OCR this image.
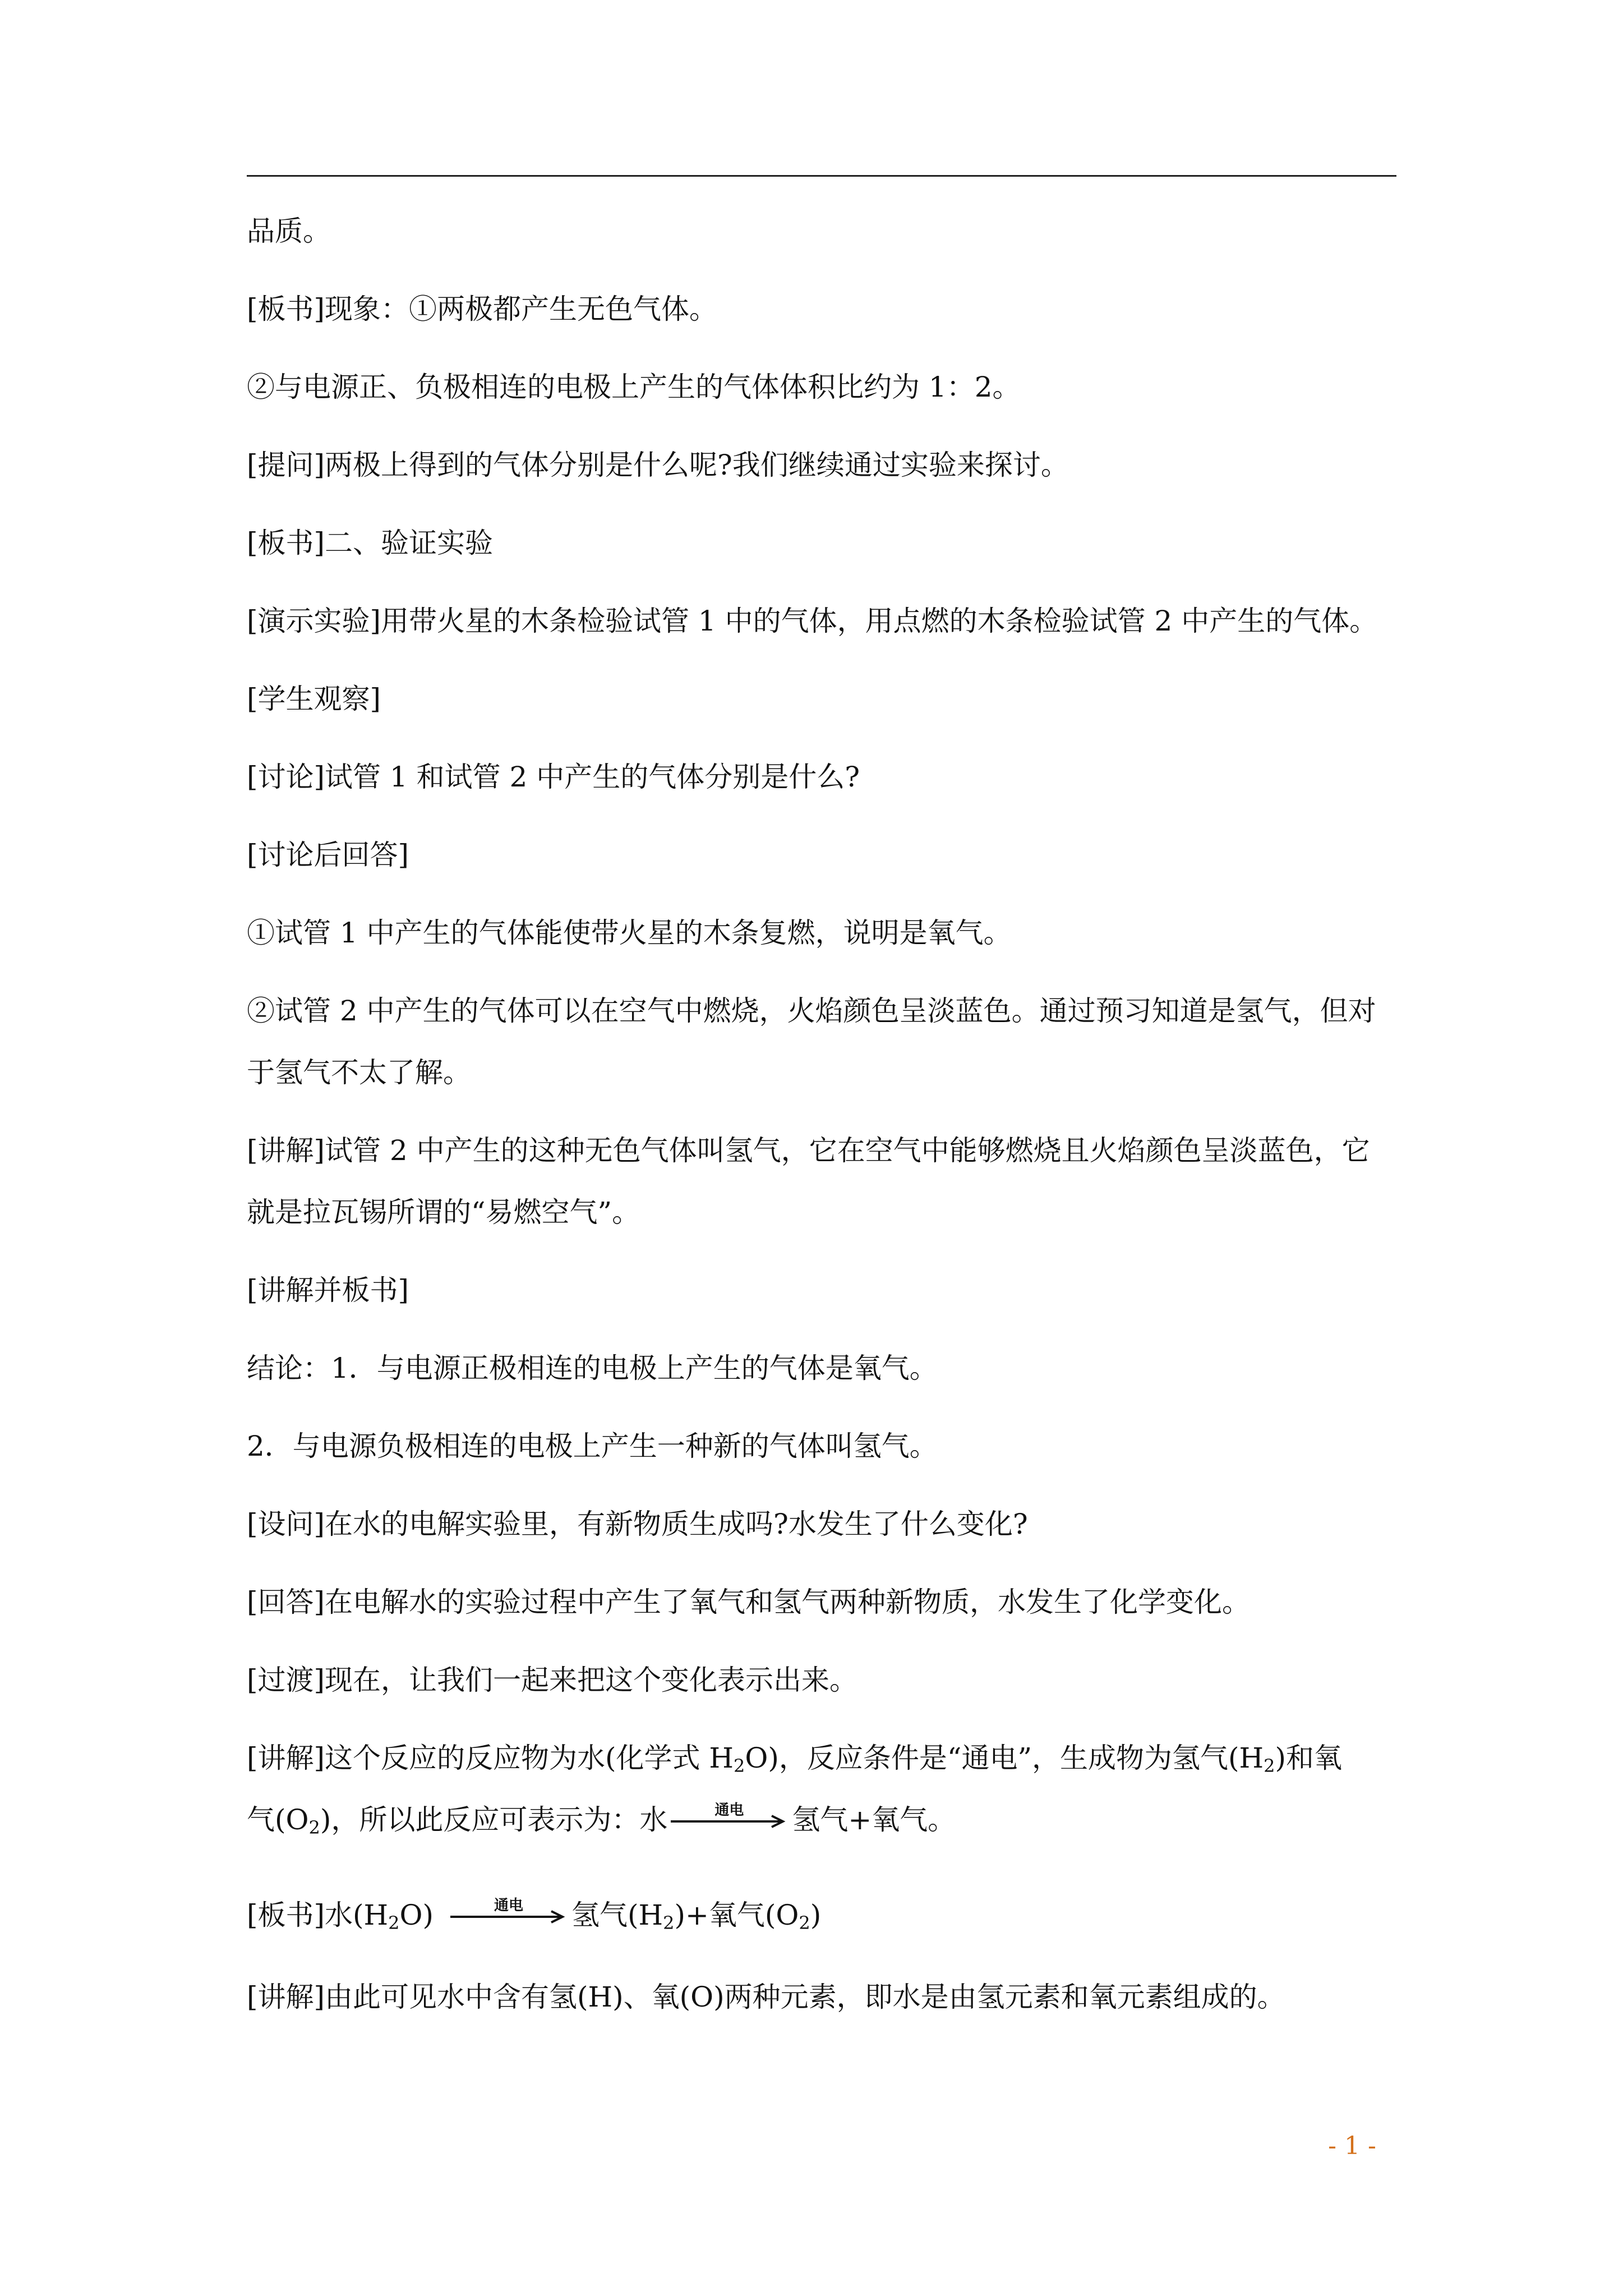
品质。

[板书]现象：①两极都产生无色气体。

②与电源正、负极相连的电极上产生的气体体积比约为 1：2。

[提问]两极上得到的气体分别是什么呢?我们继续通过实验来探讨。

[板书]二、验证实验

[演示实验]用带火星的木条检验试管 1 中的气体，用点燃的木条检验试管 2 中产生的气体。

[学生观察]

[讨论]试管 1 和试管 2 中产生的气体分别是什么?

[讨论后回答]

①试管 1 中产生的气体能使带火星的木条复燃，说明是氧气。

②试管 2 中产生的气体可以在空气中燃烧，火焰颜色呈淡蓝色。通过预习知道是氢气，但对

于氢气不太了解。

[讲解]试管 2 中产生的这种无色气体叫氢气，它在空气中能够燃烧且火焰颜色呈淡蓝色，它

就是拉瓦锡所谓的“易燃空气”。

[讲解并板书]

结论：1．与电源正极相连的电极上产生的气体是氧气。

2．与电源负极相连的电极上产生一种新的气体叫氢气。

[设问]在水的电解实验里，有新物质生成吗?水发生了什么变化?

[回答]在电解水的实验过程中产生了氧气和氢气两种新物质，水发生了化学变化。

[过渡]现在，让我们一起来把这个变化表示出来。

[讲解]这个反应的反应物为水(化学式 $H_2O$)，反应条件是“通电”，生成物为氢气$(H_2)$和氧

气$(O_2)$，所以此反应可表示为：水	通电 氢气+氧气。

[板书]水$(H_2O)$	通电 氢气$(H_2)+$氧气$(O_2)$

[讲解]由此可见水中含有氢(H)、氧(O)两种元素，即水是由氢元素和氧元素组成的。

- 1 -
